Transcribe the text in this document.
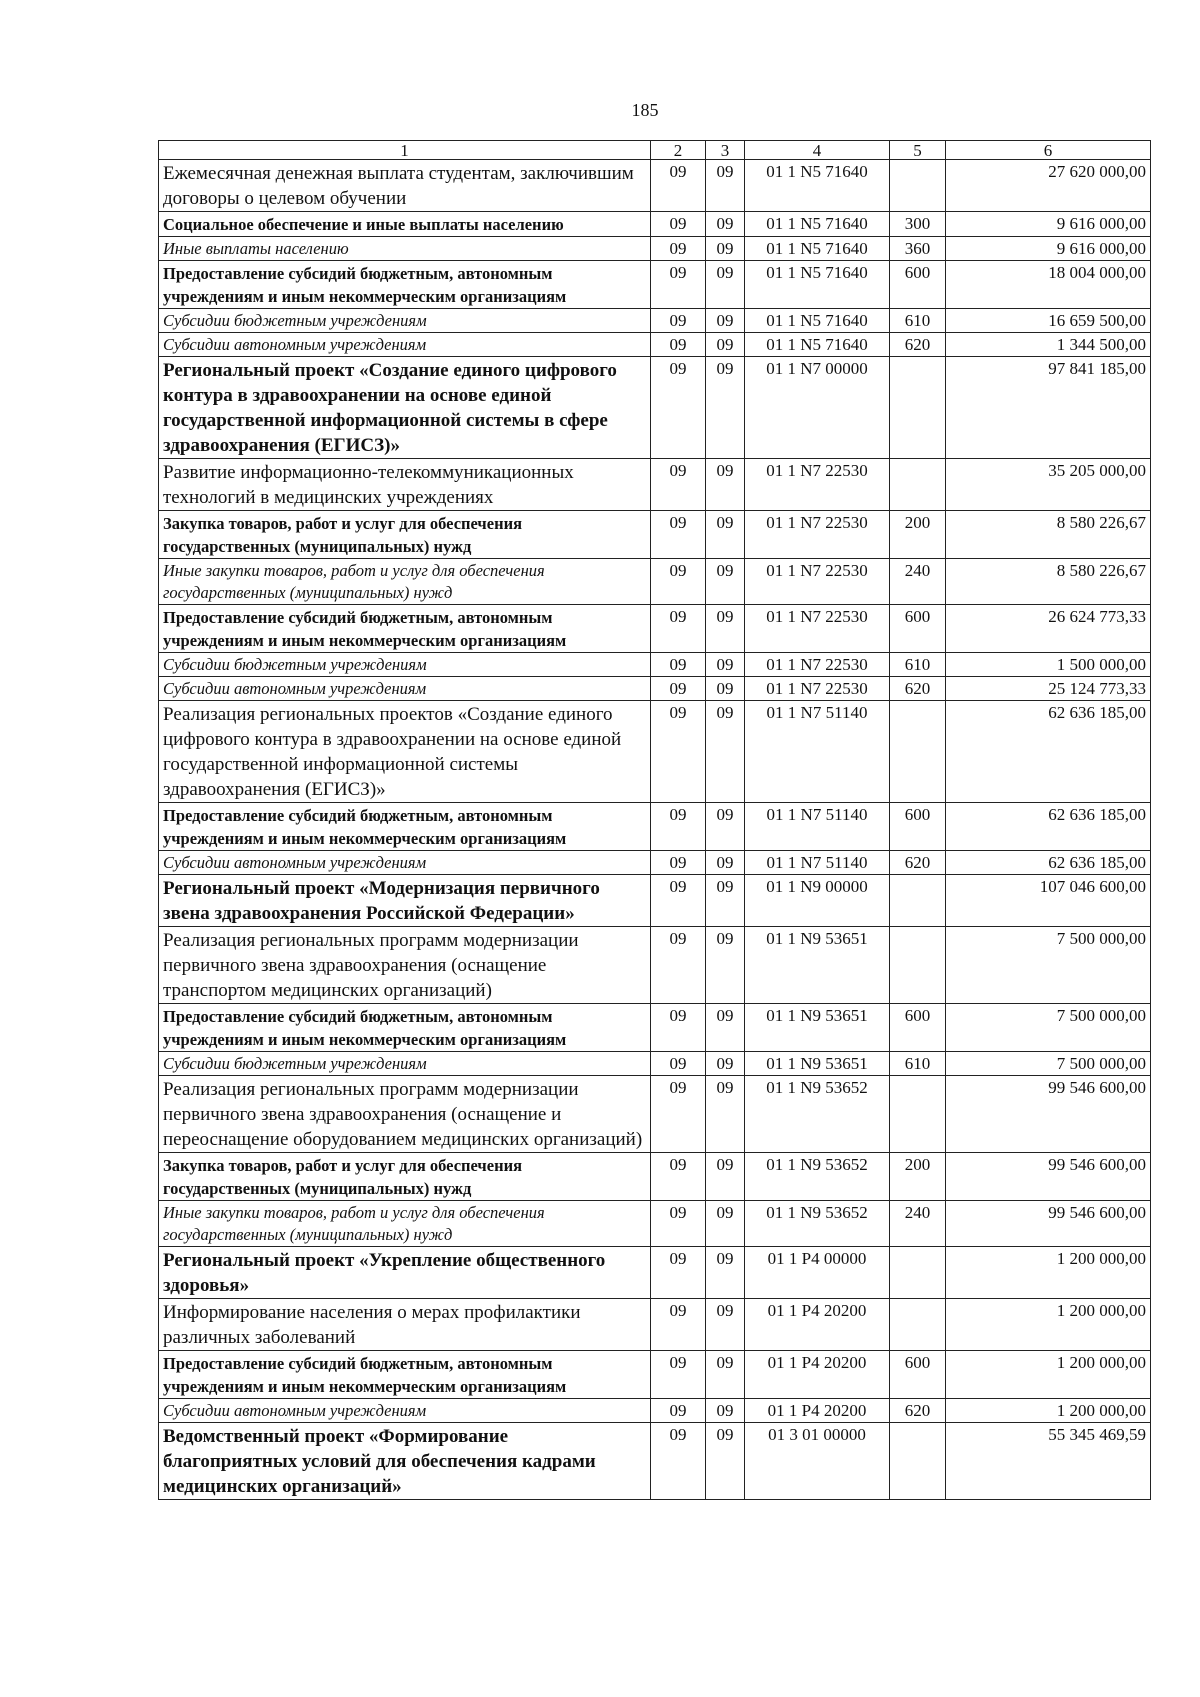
185
1	2	3	4	5	6
Ежемесячная денежная выплата студентам, заключившим договоры о целевом обучении	09	09	01 1 N5 71640		27 620 000,00
Социальное обеспечение и иные выплаты населению	09	09	01 1 N5 71640	300	9 616 000,00
Иные выплаты населению	09	09	01 1 N5 71640	360	9 616 000,00
Предоставление субсидий бюджетным, автономным учреждениям и иным некоммерческим организациям	09	09	01 1 N5 71640	600	18 004 000,00
Субсидии бюджетным учреждениям	09	09	01 1 N5 71640	610	16 659 500,00
Субсидии автономным учреждениям	09	09	01 1 N5 71640	620	1 344 500,00
Региональный проект «Создание единого цифрового контура в здравоохранении на основе единой государственной информационной системы в сфере здравоохранения (ЕГИСЗ)»	09	09	01 1 N7 00000		97 841 185,00
Развитие информационно-телекоммуникационных технологий в медицинских учреждениях	09	09	01 1 N7 22530		35 205 000,00
Закупка товаров, работ и услуг для обеспечения государственных (муниципальных) нужд	09	09	01 1 N7 22530	200	8 580 226,67
Иные закупки товаров, работ и услуг для обеспечения государственных (муниципальных) нужд	09	09	01 1 N7 22530	240	8 580 226,67
Предоставление субсидий бюджетным, автономным учреждениям и иным некоммерческим организациям	09	09	01 1 N7 22530	600	26 624 773,33
Субсидии бюджетным учреждениям	09	09	01 1 N7 22530	610	1 500 000,00
Субсидии автономным учреждениям	09	09	01 1 N7 22530	620	25 124 773,33
Реализация региональных проектов «Создание единого цифрового контура в здравоохранении на основе единой государственной информационной системы здравоохранения (ЕГИСЗ)»	09	09	01 1 N7 51140		62 636 185,00
Предоставление субсидий бюджетным, автономным учреждениям и иным некоммерческим организациям	09	09	01 1 N7 51140	600	62 636 185,00
Субсидии автономным учреждениям	09	09	01 1 N7 51140	620	62 636 185,00
Региональный проект «Модернизация первичного звена здравоохранения Российской Федерации»	09	09	01 1 N9 00000		107 046 600,00
Реализация региональных программ модернизации первичного звена здравоохранения (оснащение транспортом медицинских организаций)	09	09	01 1 N9 53651		7 500 000,00
Предоставление субсидий бюджетным, автономным учреждениям и иным некоммерческим организациям	09	09	01 1 N9 53651	600	7 500 000,00
Субсидии бюджетным учреждениям	09	09	01 1 N9 53651	610	7 500 000,00
Реализация региональных программ модернизации первичного звена здравоохранения (оснащение и переоснащение оборудованием медицинских организаций)	09	09	01 1 N9 53652		99 546 600,00
Закупка товаров, работ и услуг для обеспечения государственных (муниципальных) нужд	09	09	01 1 N9 53652	200	99 546 600,00
Иные закупки товаров, работ и услуг для обеспечения государственных (муниципальных) нужд	09	09	01 1 N9 53652	240	99 546 600,00
Региональный проект «Укрепление общественного здоровья»	09	09	01 1 P4 00000		1 200 000,00
Информирование населения о мерах профилактики различных заболеваний	09	09	01 1 P4 20200		1 200 000,00
Предоставление субсидий бюджетным, автономным учреждениям и иным некоммерческим организациям	09	09	01 1 P4 20200	600	1 200 000,00
Субсидии автономным учреждениям	09	09	01 1 P4 20200	620	1 200 000,00
Ведомственный проект «Формирование благоприятных условий для обеспечения кадрами медицинских организаций»	09	09	01 3 01 00000		55 345 469,59
